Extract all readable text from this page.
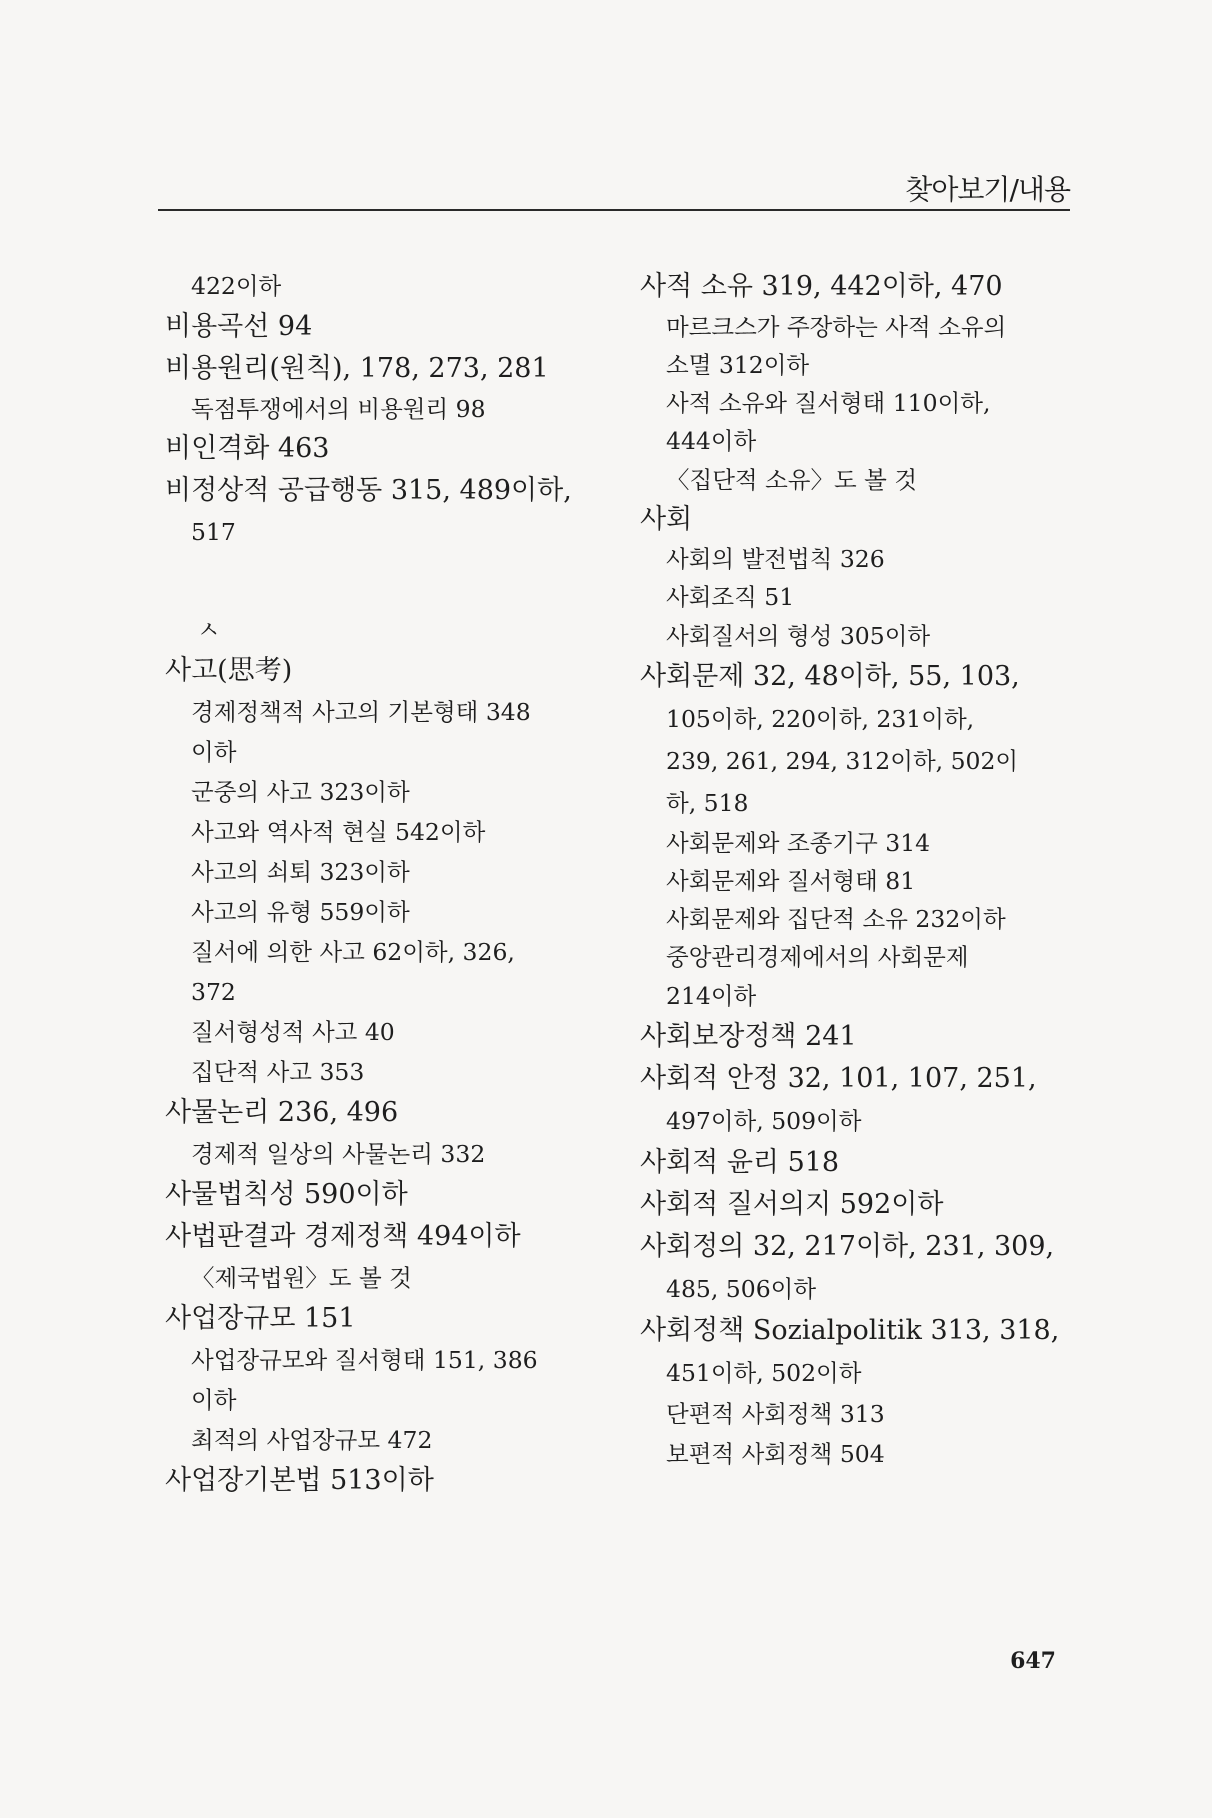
찾아보기/내용
422이하
비용곡선 94
비용원리(원칙), 178, 273, 281
독점투쟁에서의 비용원리 98
비인격화 463
비정상적 공급행동 315, 489이하,
517
ㅅ
사고(思考)
경제정책적 사고의 기본형태 348
이하
군중의 사고 323이하
사고와 역사적 현실 542이하
사고의 쇠퇴 323이하
사고의 유형 559이하
질서에 의한 사고 62이하, 326,
372
질서형성적 사고 40
집단적 사고 353
사물논리 236, 496
경제적 일상의 사물논리 332
사물법칙성 590이하
사법판결과 경제정책 494이하
〈제국법원〉도 볼 것
사업장규모 151
사업장규모와 질서형태 151, 386
이하
최적의 사업장규모 472
사업장기본법 513이하
사적 소유 319, 442이하, 470
마르크스가 주장하는 사적 소유의
소멸 312이하
사적 소유와 질서형태 110이하,
444이하
〈집단적 소유〉도 볼 것
사회
사회의 발전법칙 326
사회조직 51
사회질서의 형성 305이하
사회문제 32, 48이하, 55, 103,
105이하, 220이하, 231이하,
239, 261, 294, 312이하, 502이
하, 518
사회문제와 조종기구 314
사회문제와 질서형태 81
사회문제와 집단적 소유 232이하
중앙관리경제에서의 사회문제
214이하
사회보장정책 241
사회적 안정 32, 101, 107, 251,
497이하, 509이하
사회적 윤리 518
사회적 질서의지 592이하
사회정의 32, 217이하, 231, 309,
485, 506이하
사회정책 Sozialpolitik 313, 318,
451이하, 502이하
단편적 사회정책 313
보편적 사회정책 504
647
